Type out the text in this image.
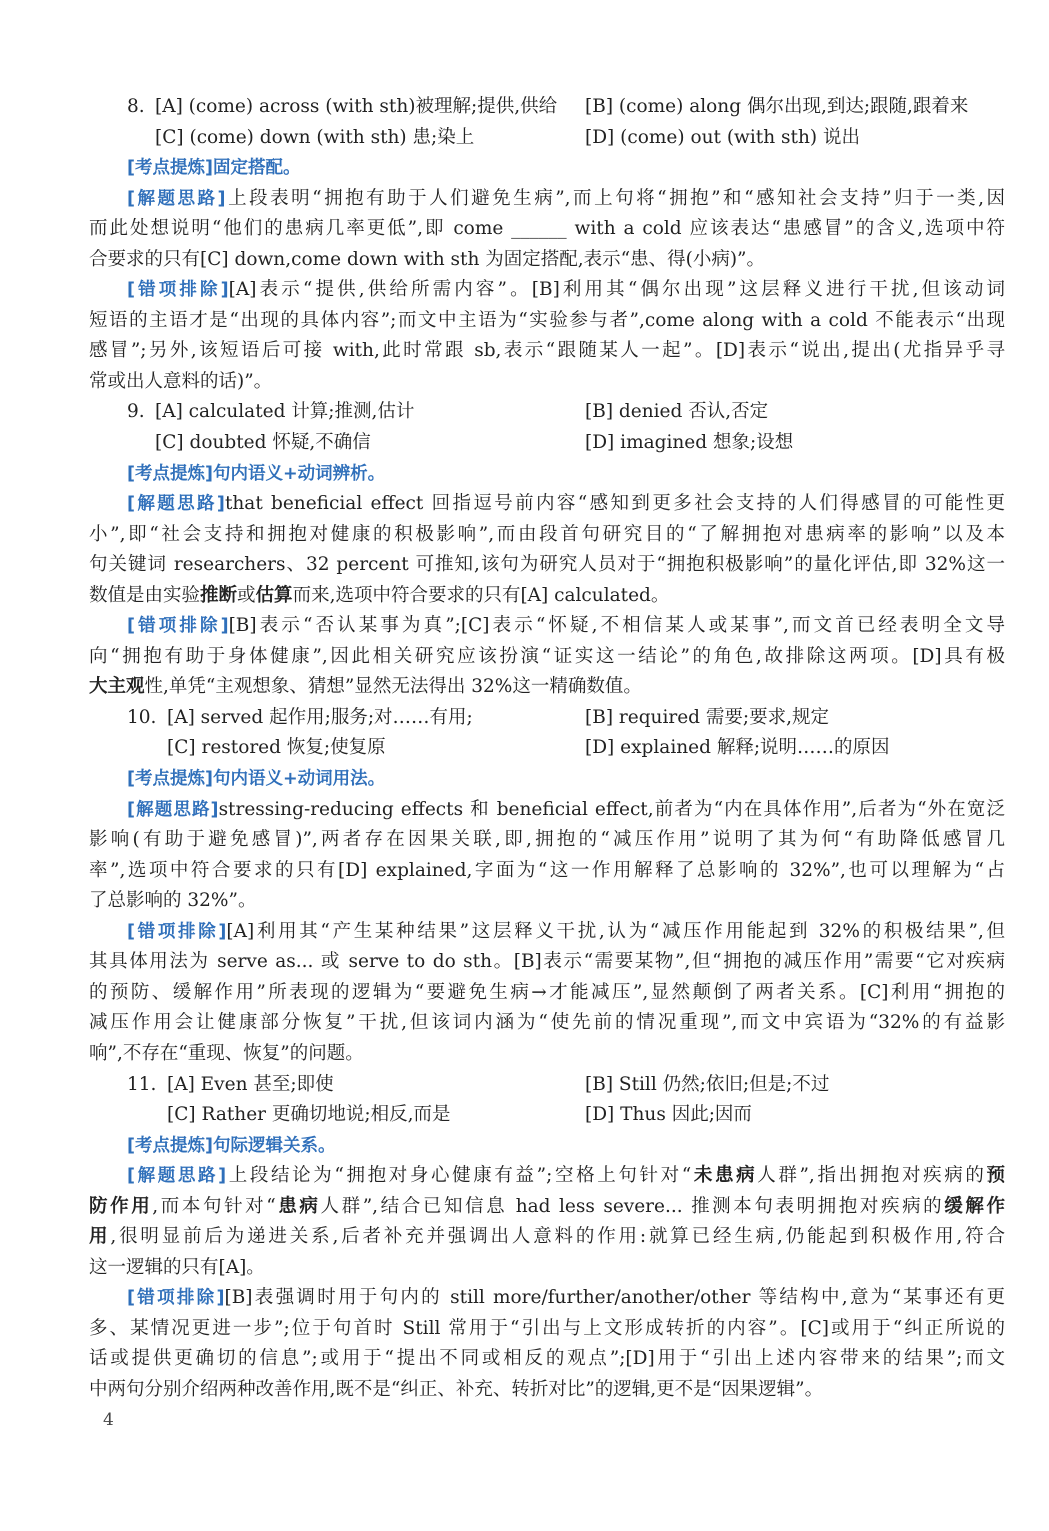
8. [A] (come) across (with sth)被理解;提供,供给 [B] (come) along 偶尔出现,到达;跟随,跟着来
[C] (come) down (with sth) 患;染上	[D] (come) out (with sth) 说出
[考点提炼]固定搭配。
[解题思路]上段表明“拥抱有助于人们避免生病”,而上句将“拥抱”和“感知社会支持”归于一类,因
而此处想说明“他们的患病几率更低”,即 come ______ with a cold 应该表达“患感冒”的含义,选项中符
合要求的只有[C] down,come down with sth 为固定搭配,表示“患、得(小病)”。
[错项排除][A]表示“提供,供给所需内容”。[B]利用其“偶尔出现”这层释义进行干扰,但该动词
短语的主语才是“出现的具体内容”;而文中主语为“实验参与者”,come along with a cold 不能表示“出现
感冒”;另外,该短语后可接 with,此时常跟 sb,表示“跟随某人一起”。[D]表示“说出,提出(尤指异乎寻
常或出人意料的话)”。
9. [A] calculated 计算;推测,估计	[B] denied 否认,否定
[C] doubted 怀疑,不确信	[D] imagined 想象;设想
[考点提炼]句内语义+动词辨析。
[解题思路]that beneficial effect 回指逗号前内容“感知到更多社会支持的人们得感冒的可能性更
小”,即“社会支持和拥抱对健康的积极影响”,而由段首句研究目的“了解拥抱对患病率的影响”以及本
句关键词 researchers、32 percent 可推知,该句为研究人员对于“拥抱积极影响”的量化评估,即 32%这一
数值是由实验推断或估算而来,选项中符合要求的只有[A] calculated。
[错项排除][B]表示“否认某事为真”;[C]表示“怀疑,不相信某人或某事”,而文首已经表明全文导
向“拥抱有助于身体健康”,因此相关研究应该扮演“证实这一结论”的角色,故排除这两项。[D]具有极
大主观性,单凭“主观想象、猜想”显然无法得出 32%这一精确数值。
10. [A] served 起作用;服务;对……有用;	[B] required 需要;要求,规定
[C] restored 恢复;使复原	[D] explained 解释;说明……的原因
[考点提炼]句内语义+动词用法。
[解题思路]stressing-reducing effects 和 beneficial effect,前者为“内在具体作用”,后者为“外在宽泛
影响(有助于避免感冒)”,两者存在因果关联,即,拥抱的“减压作用”说明了其为何“有助降低感冒几
率”,选项中符合要求的只有[D] explained,字面为“这一作用解释了总影响的 32%”,也可以理解为“占
了总影响的 32%”。
[错项排除][A]利用其“产生某种结果”这层释义干扰,认为“减压作用能起到 32%的积极结果”,但
其具体用法为 serve as... 或 serve to do sth。[B]表示“需要某物”,但“拥抱的减压作用”需要“它对疾病
的预防、缓解作用”所表现的逻辑为“要避免生病→才能减压”,显然颠倒了两者关系。[C]利用“拥抱的
减压作用会让健康部分恢复”干扰,但该词内涵为“使先前的情况重现”,而文中宾语为“32%的有益影
响”,不存在“重现、恢复”的问题。
11. [A] Even 甚至;即使	[B] Still 仍然;依旧;但是;不过
[C] Rather 更确切地说;相反,而是	[D] Thus 因此;因而
[考点提炼]句际逻辑关系。
[解题思路]上段结论为“拥抱对身心健康有益”;空格上句针对“未患病人群”,指出拥抱对疾病的预
防作用,而本句针对“患病人群”,结合已知信息 had less severe... 推测本句表明拥抱对疾病的缓解作
用,很明显前后为递进关系,后者补充并强调出人意料的作用:就算已经生病,仍能起到积极作用,符合
这一逻辑的只有[A]。
[错项排除][B]表强调时用于句内的 still more/further/another/other 等结构中,意为“某事还有更
多、某情况更进一步”;位于句首时 Still 常用于“引出与上文形成转折的内容”。[C]或用于“纠正所说的
话或提供更确切的信息”;或用于“提出不同或相反的观点”;[D]用于“引出上述内容带来的结果”;而文
中两句分别介绍两种改善作用,既不是“纠正、补充、转折对比”的逻辑,更不是“因果逻辑”。
4
